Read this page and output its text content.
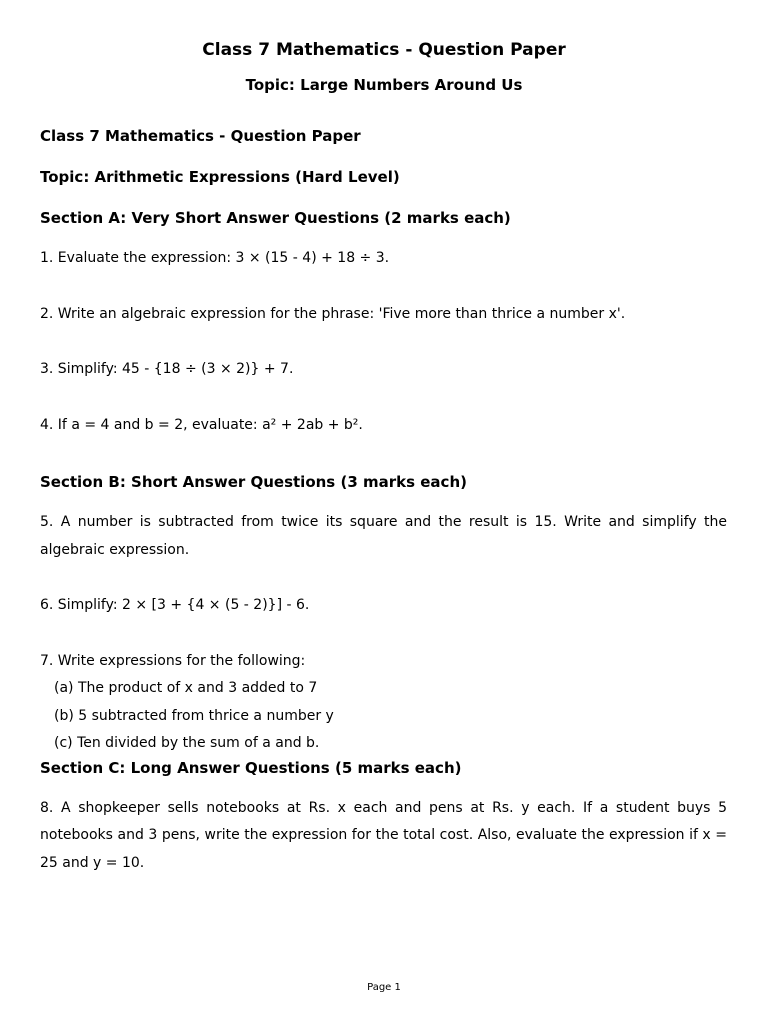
Class 7 Mathematics - Question Paper
Topic: Large Numbers Around Us

Class 7 Mathematics - Question Paper

Topic: Arithmetic Expressions (Hard Level)

Section A: Very Short Answer Questions (2 marks each)

1. Evaluate the expression: 3 × (15 - 4) + 18 ÷ 3.

2. Write an algebraic expression for the phrase: 'Five more than thrice a number x'.

3. Simplify: 45 - {18 ÷ (3 × 2)} + 7.

4. If a = 4 and b = 2, evaluate: a² + 2ab + b².

Section B: Short Answer Questions (3 marks each)

5. A number is subtracted from twice its square and the result is 15. Write and simplify the algebraic expression.

6. Simplify: 2 × [3 + {4 × (5 - 2)}] - 6.

7. Write expressions for the following:

(a) The product of x and 3 added to 7

(b) 5 subtracted from thrice a number y

(c) Ten divided by the sum of a and b.

Section C: Long Answer Questions (5 marks each)

8. A shopkeeper sells notebooks at Rs. x each and pens at Rs. y each. If a student buys 5 notebooks and 3 pens, write the expression for the total cost. Also, evaluate the expression if x = 25 and y = 10.

Page 1
